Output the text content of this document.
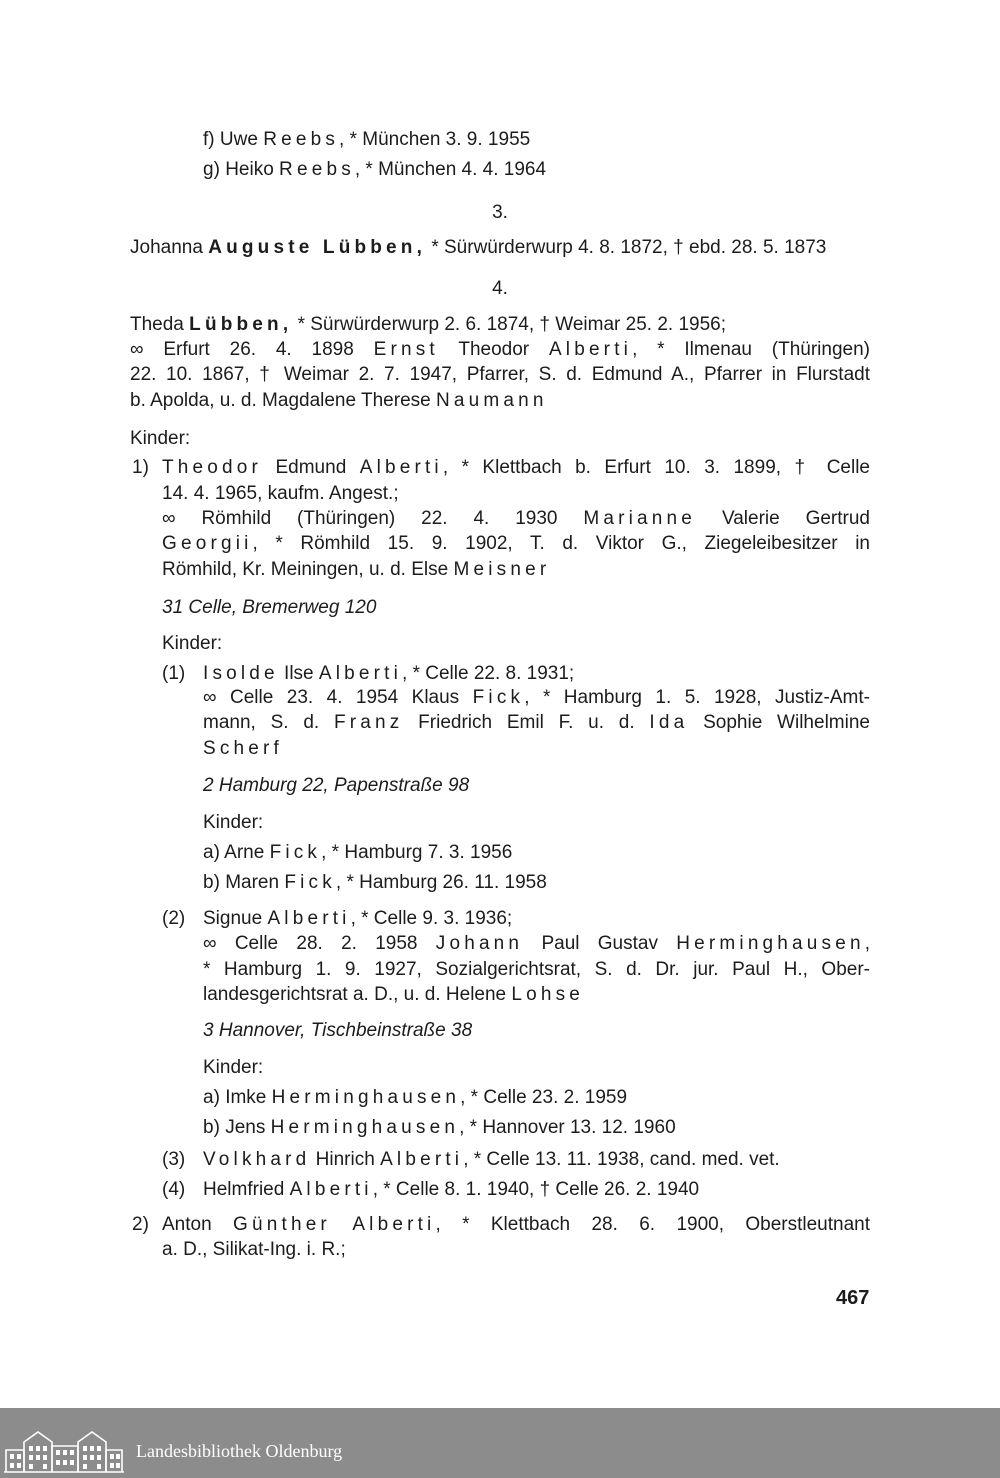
f) Uwe Reebs, * München 3. 9. 1955
g) Heiko Reebs, * München 4. 4. 1964
3.
Johanna Auguste Lübben, * Sürwürderwurp 4. 8. 1872, † ebd. 28. 5. 1873
4.
Theda Lübben, * Sürwürderwurp 2. 6. 1874, † Weimar 25. 2. 1956;
∞ Erfurt 26. 4. 1898 Ernst Theodor Alberti, * Ilmenau (Thüringen)
22. 10. 1867, † Weimar 2. 7. 1947, Pfarrer, S. d. Edmund A., Pfarrer in Flurstadt
b. Apolda, u. d. Magdalene Therese Naumann
Kinder:
1) Theodor Edmund Alberti, * Klettbach b. Erfurt 10. 3. 1899, † Celle
14. 4. 1965, kaufm. Angest.;
∞ Römhild (Thüringen) 22. 4. 1930 Marianne Valerie Gertrud
Georgii, * Römhild 15. 9. 1902, T. d. Viktor G., Ziegeleibesitzer in
Römhild, Kr. Meiningen, u. d. Else Meisner
31 Celle, Bremerweg 120
Kinder:
(1) Isolde Ilse Alberti, * Celle 22. 8. 1931;
∞ Celle 23. 4. 1954 Klaus Fick, * Hamburg 1. 5. 1928, Justiz-Amt-
mann, S. d. Franz Friedrich Emil F. u. d. Ida Sophie Wilhelmine
Scherf
2 Hamburg 22, Papenstraße 98
Kinder:
a) Arne Fick, * Hamburg 7. 3. 1956
b) Maren Fick, * Hamburg 26. 11. 1958
(2) Signue Alberti, * Celle 9. 3. 1936;
∞ Celle 28. 2. 1958 Johann Paul Gustav Herminghausen,
* Hamburg 1. 9. 1927, Sozialgerichtsrat, S. d. Dr. jur. Paul H., Ober-
landesgerichtsrat a. D., u. d. Helene Lohse
3 Hannover, Tischbeinstraße 38
Kinder:
a) Imke Herminghausen, * Celle 23. 2. 1959
b) Jens Herminghausen, * Hannover 13. 12. 1960
(3) Volkhard Hinrich Alberti, * Celle 13. 11. 1938, cand. med. vet.
(4) Helmfried Alberti, * Celle 8. 1. 1940, † Celle 26. 2. 1940
2) Anton Günther Alberti, * Klettbach 28. 6. 1900, Oberstleutnant
a. D., Silikat-Ing. i. R.;
467
Landesbibliothek Oldenburg
